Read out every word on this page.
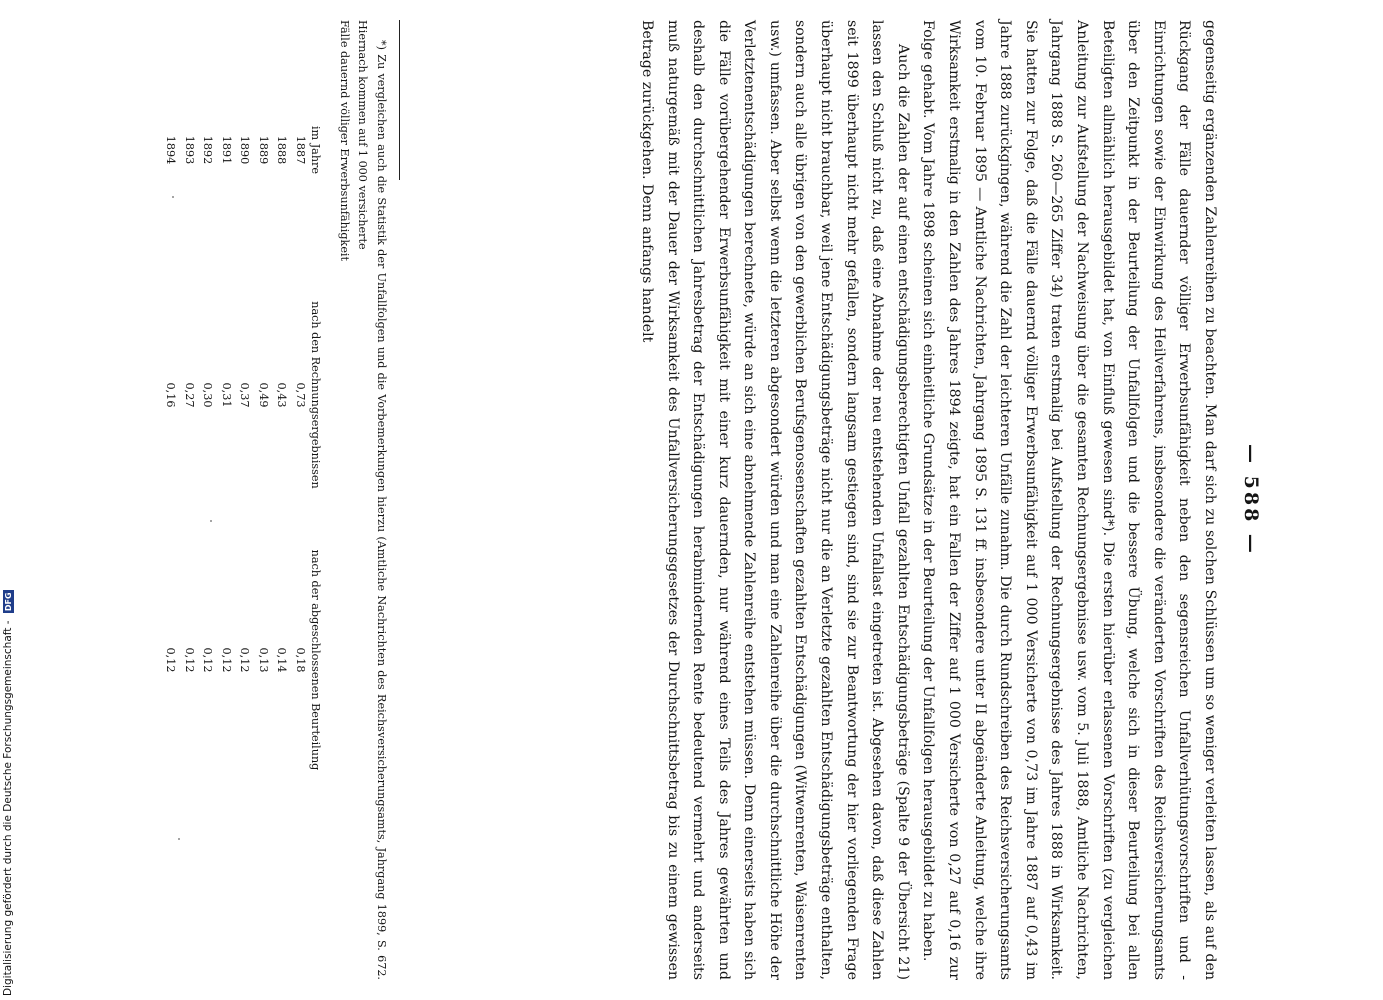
— 588 —

gegenseitig ergänzenden Zahlenreihen zu beachten. Man darf sich zu solchen Schlüssen um so weniger verleiten lassen, als auf den Rückgang der Fälle dauernder völliger Erwerbsunfähigkeit neben den segensreichen Unfallverhütungsvorschriften und -Einrichtungen sowie der Einwirkung des Heilverfahrens, insbesondere die veränderten Vorschriften des Reichsversicherungsamts über den Zeitpunkt in der Beurteilung der Unfallfolgen und die bessere Übung, welche sich in dieser Beurteilung bei allen Beteiligten allmählich herausgebildet hat, von Einfluß gewesen sind*). Die ersten hierüber erlassenen Vorschriften (zu vergleichen Anleitung zur Aufstellung der Nachweisung über die gesamten Rechnungsergebnisse usw. vom 5. Juli 1888, Amtliche Nachrichten, Jahrgang 1888 S. 260—265 Ziffer 34) traten erstmalig bei Aufstellung der Rechnungsergebnisse des Jahres 1888 in Wirksamkeit. Sie hatten zur Folge, daß die Fälle dauernd völliger Erwerbsunfähigkeit auf 1 000 Versicherte von 0,73 im Jahre 1887 auf 0,43 im Jahre 1888 zurückgingen, während die Zahl der leichteren Unfälle zunahm. Die durch Rundschreiben des Reichsversicherungsamts vom 10. Februar 1895 — Amtliche Nachrichten, Jahrgang 1895 S. 131 ff. insbesondere unter II abgeänderte Anleitung, welche ihre Wirksamkeit erstmalig in den Zahlen des Jahres 1894 zeigte, hat ein Fallen der Ziffer auf 1 000 Versicherte von 0,27 auf 0,16 zur Folge gehabt. Vom Jahre 1898 scheinen sich einheitliche Grundsätze in der Beurteilung der Unfallfolgen herausgebildet zu haben.

Auch die Zahlen der auf einen entschädigungsberechtigten Unfall gezahlten Entschädigungsbeträge (Spalte 9 der Übersicht 21) lassen den Schluß nicht zu, daß eine Abnahme der neu entstehenden Unfallast eingetreten ist. Abgesehen davon, daß diese Zahlen seit 1899 überhaupt nicht mehr gefallen, sondern langsam gestiegen sind, sind sie zur Beantwortung der hier vorliegenden Frage überhaupt nicht brauchbar, weil jene Entschädigungsbeträge nicht nur die an Verletzte gezahlten Entschädigungsbeträge enthalten, sondern auch alle übrigen von den gewerblichen Berufsgenossenschaften gezahlten Entschädigungen (Witwenrenten, Waisenrenten usw.) umfassen. Aber selbst wenn die letzteren abgesondert würden und man eine Zahlenreihe über die durchschnittliche Höhe der Verletztenentschädigungen berechnete, würde an sich eine abnehmende Zahlenreihe entstehen müssen. Denn einerseits haben sich die Fälle vorübergehender Erwerbsunfähigkeit mit einer kurz dauernden, nur während eines Teils des Jahres gewährten und deshalb den durchschnittlichen Jahresbetrag der Entschädigungen herabmindernden Rente bedeutend vermehrt und anderseits muß naturgemäß mit der Dauer der Wirksamkeit des Unfallversicherungsgesetzes der Durchschnittsbetrag bis zu einem gewissen Betrage zurückgehen. Denn anfangs handelt

*) Zu vergleichen auch die Statistik der Unfallfolgen und die Vorbemerkungen hierzu (Amtliche Nachrichten des Reichsversicherungsamts, Jahrgang 1899, S. 672. Hiernach kommen auf 1 000 versicherte

Fälle dauernd völliger Erwerbsunfähigkeit

im Jahre	nach den Rechnungsergebnissen	nach der abgeschlossenen Beurteilung
1887	0,73	0,18
1888	0,43	0,14
1889	0,49	0,13
1890	0,37	0,12
1891	0,31	0,12
1892	0,30	0,12
1893	0,27	0,12
1894	0,16	0,12
Digitalisierung gefördert durch die Deutsche Forschungsgemeinschaft - DFG
